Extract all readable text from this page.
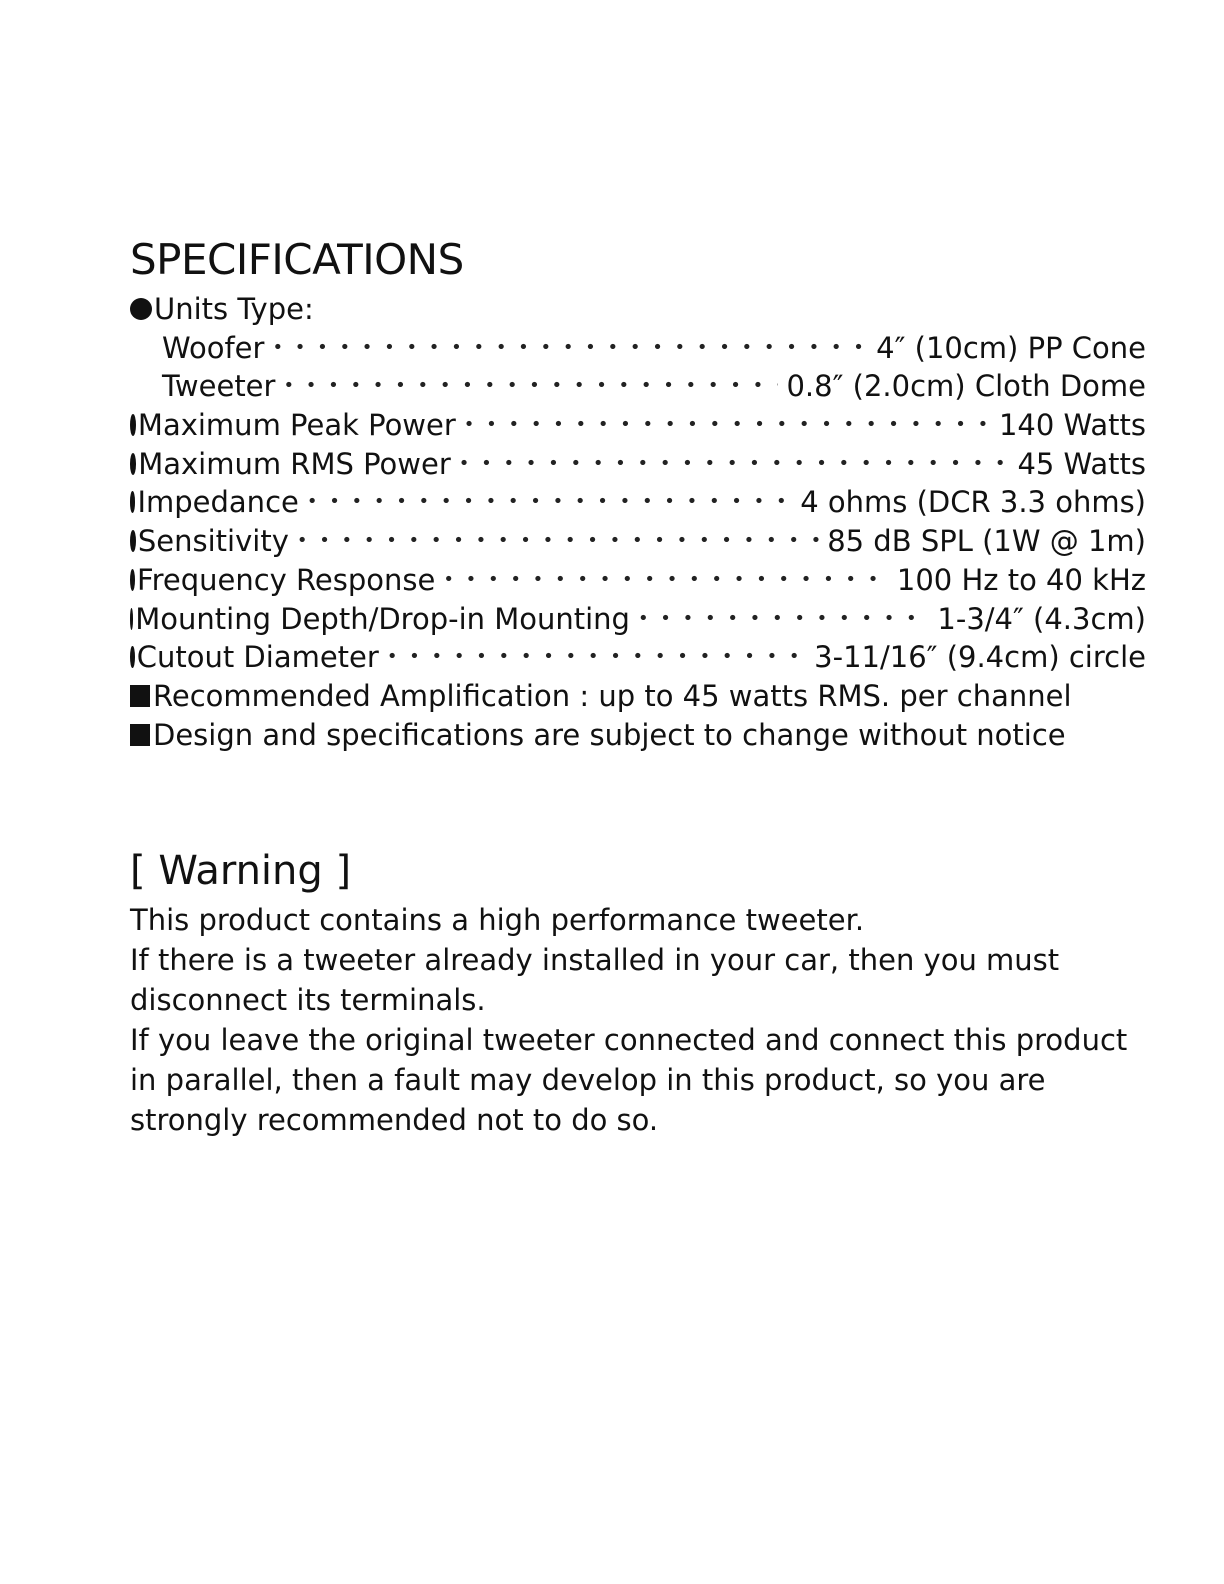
SPECIFICATIONS
Units Type:
Woofer • • •	4″ (10cm) PP Cone
Tweeter • • •	0.8″ (2.0cm) Cloth Dome
Maximum Peak Power • • •	140 Watts
Maximum RMS Power • • •	45 Watts
Impedance • • •	4 ohms (DCR 3.3 ohms)
Sensitivity • • •	85 dB SPL (1W @ 1m)
Frequency Response • • •	100 Hz to 40 kHz
Mounting Depth/Drop-in Mounting • • •	1-3/4″ (4.3cm)
Cutout Diameter • • •	3-11/16″ (9.4cm) circle
Recommended Amplification : up to 45 watts RMS. per channel
Design and specifications are subject to change without notice
[ Warning ]

This product contains a high performance tweeter.

If there is a tweeter already installed in your car, then you must disconnect its terminals.

If you leave the original tweeter connected and connect this product in parallel, then a fault may develop in this product, so you are strongly recommended not to do so.
